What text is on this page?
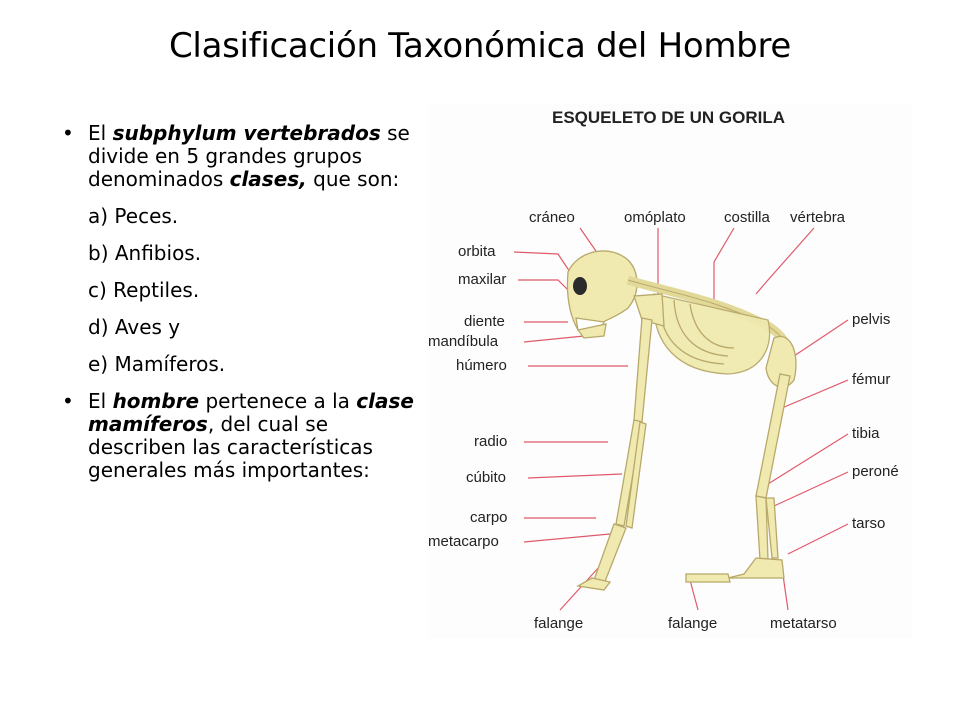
Clasificación Taxonómica del Hombre

• El subphylum vertebrados se divide en 5 grandes grupos denominados clases, que son:

a) Peces.
b) Anfibios.
c) Reptiles.
d) Aves y
e) Mamíferos.

• El hombre pertenece a la clase mamíferos, del cual se describen las características generales más importantes:

ESQUELETO DE UN GORILA
cráneo	omóplato	costilla vértebra
orbita
maxilar
diente
mandíbula
húmero
radio
cúbito
carpo
metacarpo
pelvis
fémur
tibia
peroné
tarso
falange	falange	metatarso
